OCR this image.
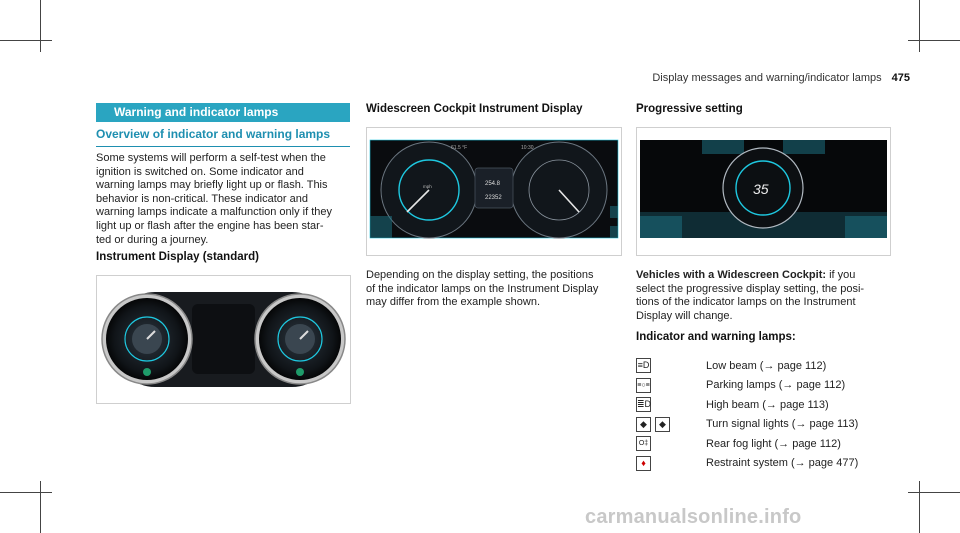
Display messages and warning/indicator lamps 475
Warning and indicator lamps
Overview of indicator and warning lamps
Some systems will perform a self-test when the
ignition is switched on. Some indicator and
warning lamps may briefly light up or flash. This
behavior is non-critical. These indicator and
warning lamps indicate a malfunction only if they
light up or flash after the engine has been star-
ted or during a journey.
Instrument Display (standard)
Widescreen Cockpit Instrument Display
61.5 °F	10:30
254.8
22352
mph
Depending on the display setting, the positions
of the indicator lamps on the Instrument Display
may differ from the example shown.
Progressive setting
35
Vehicles with a Widescreen Cockpit: if you
select the progressive display setting, the posi-
tions of the indicator lamps on the Instrument
Display will change.
Indicator and warning lamps:
≡D	Low beam (→ page 112)
≡○≡	Parking lamps (→ page 112)
≣D	High beam (→ page 113)
◆	◆	Turn signal lights (→ page 113)
O‡	Rear fog light (→ page 112)
♦	Restraint system (→ page 477)
carmanualsonline.info
